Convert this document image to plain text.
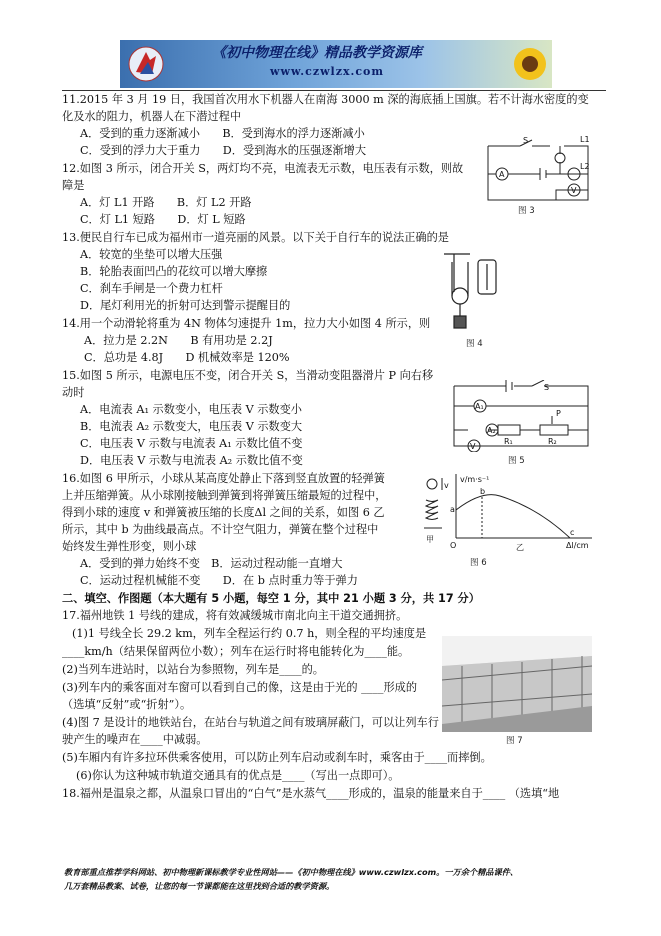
《初中物理在线》精品教学资源库
www.czwlzx.com
11.2015 年 3 月 19 日，我国首次用水下机器人在南海 3000 m 深的海底插上国旗。若不计海水密度的变
化及水的阻力，机器人在下潜过程中
A．受到的重力逐渐减小　　B．受到海水的浮力逐渐减小
C．受到的浮力大于重力　　D．受到海水的压强逐渐增大
12.如图 3 所示，闭合开关 S，两灯均不亮，电流表无示数，电压表有示数，则故
障是
A．灯 L1 开路　　B．灯 L2 开路
C．灯 L1 短路　　D．灯 L 短路
13.便民自行车已成为福州市一道亮丽的风景。以下关于自行车的说法正确的是
A．较宽的坐垫可以增大压强
B．轮胎表面凹凸的花纹可以增大摩擦
C．刹车手闸是一个费力杠杆
D．尾灯利用光的折射可达到警示提醒目的
14.用一个动滑轮将重为 4N 物体匀速提升 1m，拉力大小如图 4 所示，则
A．拉力是 2.2N　　B 有用功是 2.2J
C．总功是 4.8J　　D 机械效率是 120%
15.如图 5 所示，电源电压不变，闭合开关 S，当滑动变阻器滑片 P 向右移
动时
A．电流表 A₁ 示数变小，电压表 V 示数变小
B．电流表 A₂ 示数变大，电压表 V 示数变大
C．电压表 V 示数与电流表 A₁ 示数比值不变
D．电压表 V 示数与电流表 A₂ 示数比值不变
16.如图 6 甲所示，小球从某高度处静止下落到竖直放置的轻弹簧
上并压缩弹簧。从小球刚接触到弹簧到将弹簧压缩最短的过程中，
得到小球的速度 v 和弹簧被压缩的长度Δl 之间的关系，如图 6 乙
所示，其中 b 为曲线最高点。不计空气阻力，弹簧在整个过程中
始终发生弹性形变，则小球
A．受到的弹力始终不变　B．运动过程动能一直增大
C．运动过程机械能不变　　D．在 b 点时重力等于弹力
二、填空、作图题（本大题有 5 小题，每空 1 分，其中 21 小题 3 分，共 17 分）
17.福州地铁 1 号线的建成，将有效减缓城市南北向主干道交通拥挤。
(1)1 号线全长 29.2 km，列车全程运行约 0.7 h，则全程的平均速度是
____km/h（结果保留两位小数）；列车在运行时将电能转化为____能。
(2)当列车进站时，以站台为参照物，列车是____的。
(3)列车内的乘客面对车窗可以看到自己的像，这是由于光的 ____形成的
（选填“反射”或“折射”）。
(4)图 7 是设计的地铁站台，在站台与轨道之间有玻璃屏蔽门，可以让列车行
驶产生的噪声在____中减弱。
(5)车厢内有许多拉环供乘客使用，可以防止列车启动或刹车时，乘客由于____而摔倒。
(6)你认为这种城市轨道交通具有的优点是____（写出一点即可）。
18.福州是温泉之都，从温泉口冒出的“白气”是水蒸气____形成的，温泉的能量来自于____ （选填“地
S	L1
L2
A
V
图 3
图 4
S
A₁
A₂
P
R₁	R₂
V
图 5
v
v/m·s⁻¹
a
b
c
O	Δl/cm
甲
乙
图 6
图 7
教育部重点推荐学科网站、初中物理新课标教学专业性网站——《初中物理在线》www.czwlzx.com。一万余个精品课件、
几万套精品教案、试卷，让您的每一节课都能在这里找到合适的教学资源。
